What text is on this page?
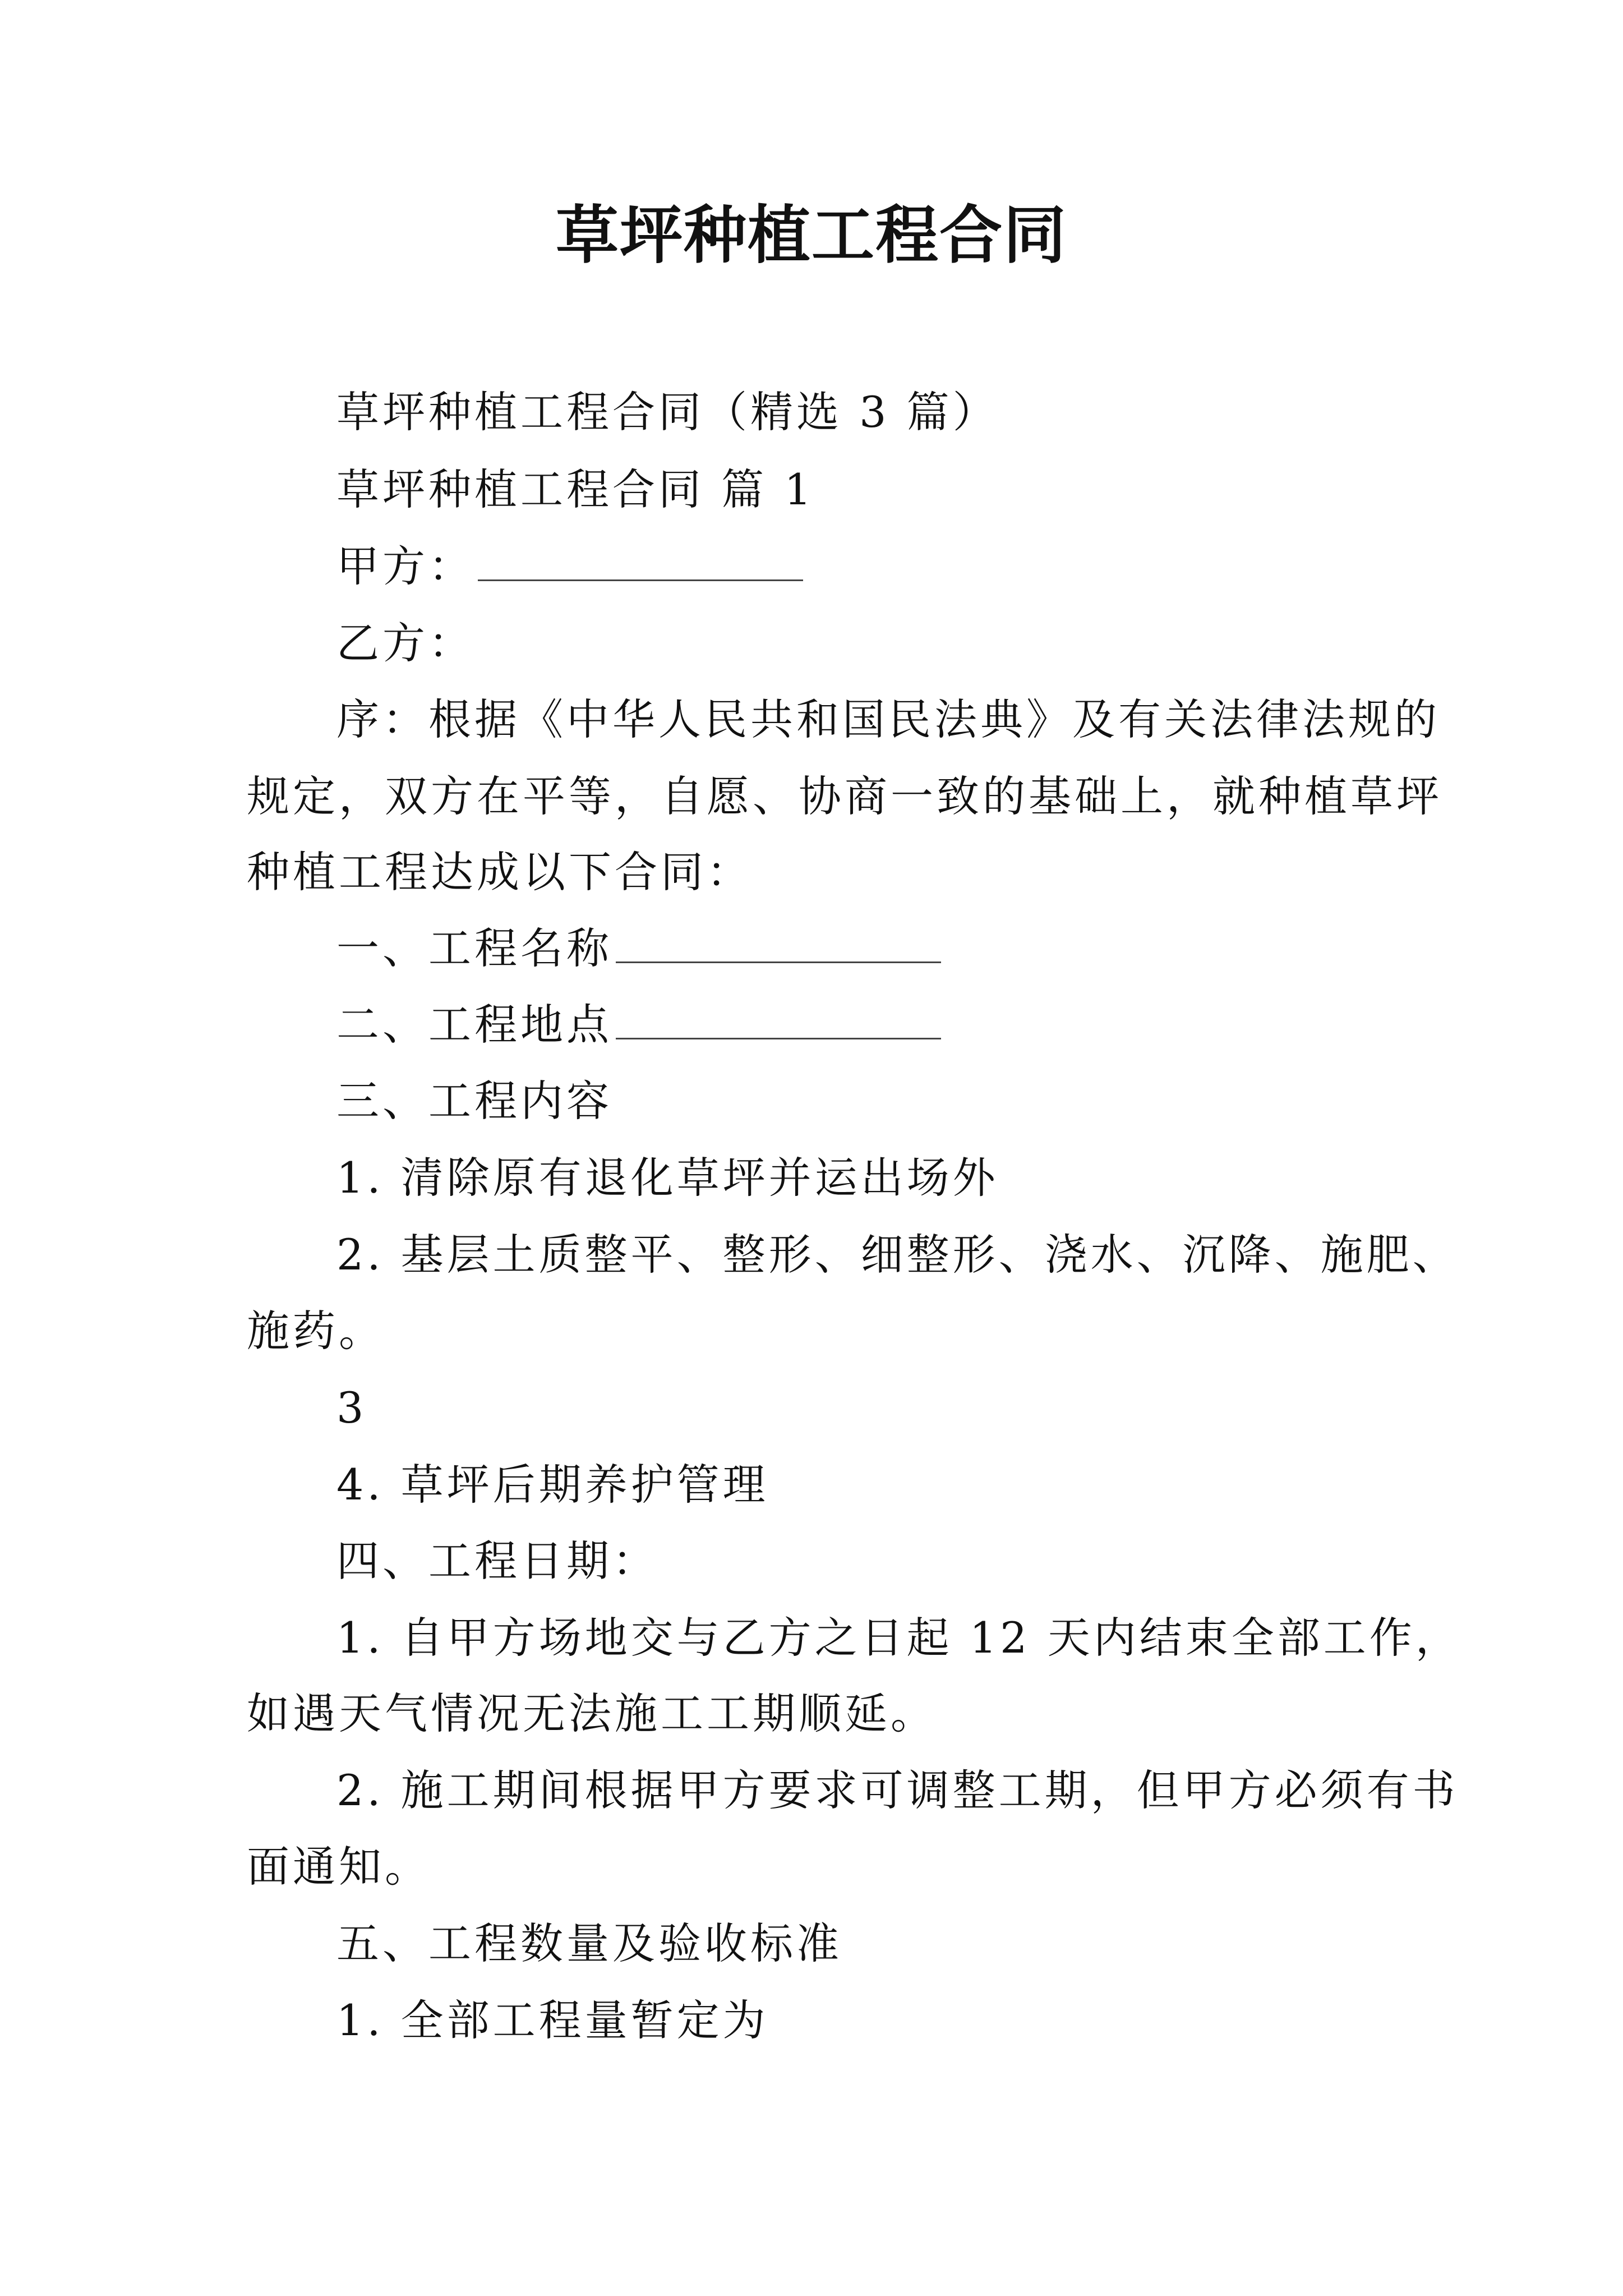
草坪种植工程合同
草坪种植工程合同（精选 3 篇）
草坪种植工程合同 篇 1
甲方：
乙方：
序：根据《中华人民共和国民法典》及有关法律法规的
规定，双方在平等，自愿、协商一致的基础上，就种植草坪
种植工程达成以下合同：
一、工程名称
二、工程地点
三、工程内容
1. 清除原有退化草坪并运出场外
2. 基层土质整平、整形、细整形、浇水、沉降、施肥、
施药。
3
4. 草坪后期养护管理
四、工程日期：
1. 自甲方场地交与乙方之日起 12 天内结束全部工作，
如遇天气情况无法施工工期顺延。
2. 施工期间根据甲方要求可调整工期，但甲方必须有书
面通知。
五、工程数量及验收标准
1. 全部工程量暂定为
